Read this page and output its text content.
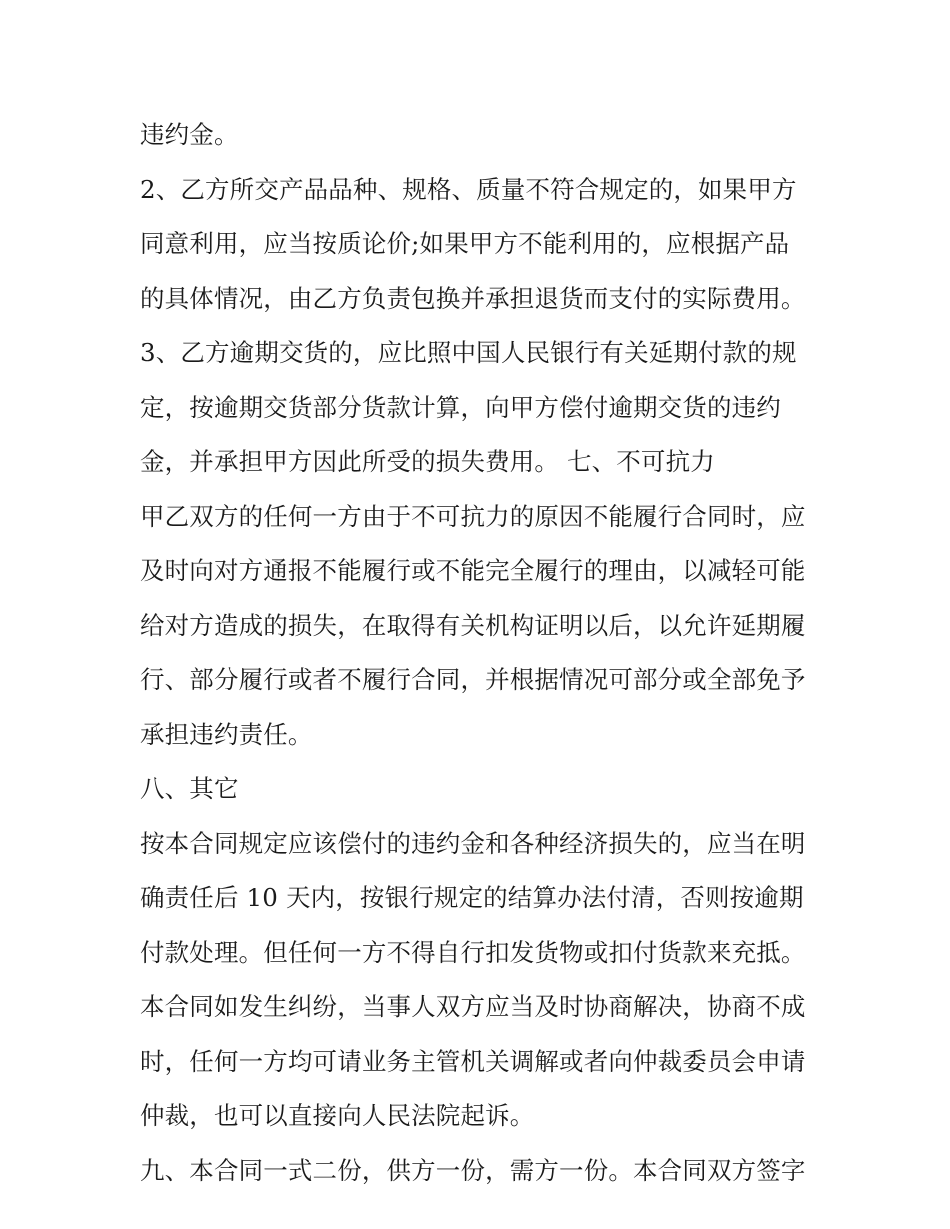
违约金。
2、乙方所交产品品种、规格、质量不符合规定的，如果甲方
同意利用，应当按质论价;如果甲方不能利用的，应根据产品
的具体情况，由乙方负责包换并承担退货而支付的实际费用。
3、乙方逾期交货的，应比照中国人民银行有关延期付款的规
定，按逾期交货部分货款计算，向甲方偿付逾期交货的违约
金，并承担甲方因此所受的损失费用。 七、不可抗力
甲乙双方的任何一方由于不可抗力的原因不能履行合同时，应
及时向对方通报不能履行或不能完全履行的理由，以减轻可能
给对方造成的损失，在取得有关机构证明以后，以允许延期履
行、部分履行或者不履行合同，并根据情况可部分或全部免予
承担违约责任。
八、其它
按本合同规定应该偿付的违约金和各种经济损失的，应当在明
确责任后 10 天内，按银行规定的结算办法付清，否则按逾期
付款处理。但任何一方不得自行扣发货物或扣付货款来充抵。
本合同如发生纠纷，当事人双方应当及时协商解决，协商不成
时，任何一方均可请业务主管机关调解或者向仲裁委员会申请
仲裁，也可以直接向人民法院起诉。
九、本合同一式二份，供方一份，需方一份。本合同双方签字
